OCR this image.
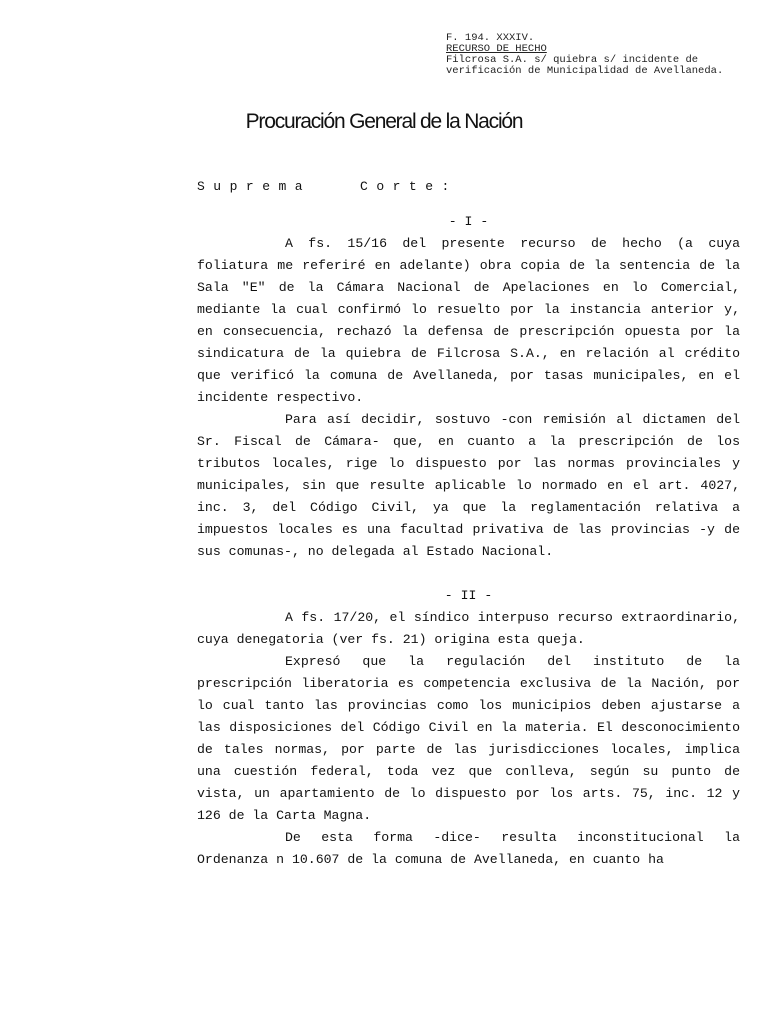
F. 194. XXXIV.
RECURSO DE HECHO
Filcrosa S.A. s/ quiebra s/ incidente de
verificación de Municipalidad de Avellaneda.
Procuración General de la Nación
Suprema   Corte:
- I -

A fs. 15/16 del presente recurso de hecho (a cuya foliatura me referiré en adelante) obra copia de la sentencia de la Sala "E" de la Cámara Nacional de Apelaciones en lo Comercial, mediante la cual confirmó lo resuelto por la instancia anterior y, en consecuencia, rechazó la defensa de prescripción opuesta por la sindicatura de la quiebra de Filcrosa S.A., en relación al crédito que verificó la comuna de Avellaneda, por tasas municipales, en el incidente respectivo.

Para así decidir, sostuvo -con remisión al dictamen del Sr. Fiscal de Cámara- que, en cuanto a la prescripción de los tributos locales, rige lo dispuesto por las normas provinciales y municipales, sin que resulte aplicable lo normado en el art. 4027, inc. 3, del Código Civil, ya que la reglamentación relativa a impuestos locales es una facultad privativa de las provincias -y de sus comunas-, no delegada al Estado Nacional.

- II -

A fs. 17/20, el síndico interpuso recurso extraordinario, cuya denegatoria (ver fs. 21) origina esta queja.

Expresó que la regulación del instituto de la prescripción liberatoria es competencia exclusiva de la Nación, por lo cual tanto las provincias como los municipios deben ajustarse a las disposiciones del Código Civil en la materia. El desconocimiento de tales normas, por parte de las jurisdicciones locales, implica una cuestión federal, toda vez que conlleva, según su punto de vista, un apartamiento de lo dispuesto por los arts. 75, inc. 12 y 126 de la Carta Magna.

De esta forma -dice- resulta inconstitucional la Ordenanza n 10.607 de la comuna de Avellaneda, en cuanto ha
